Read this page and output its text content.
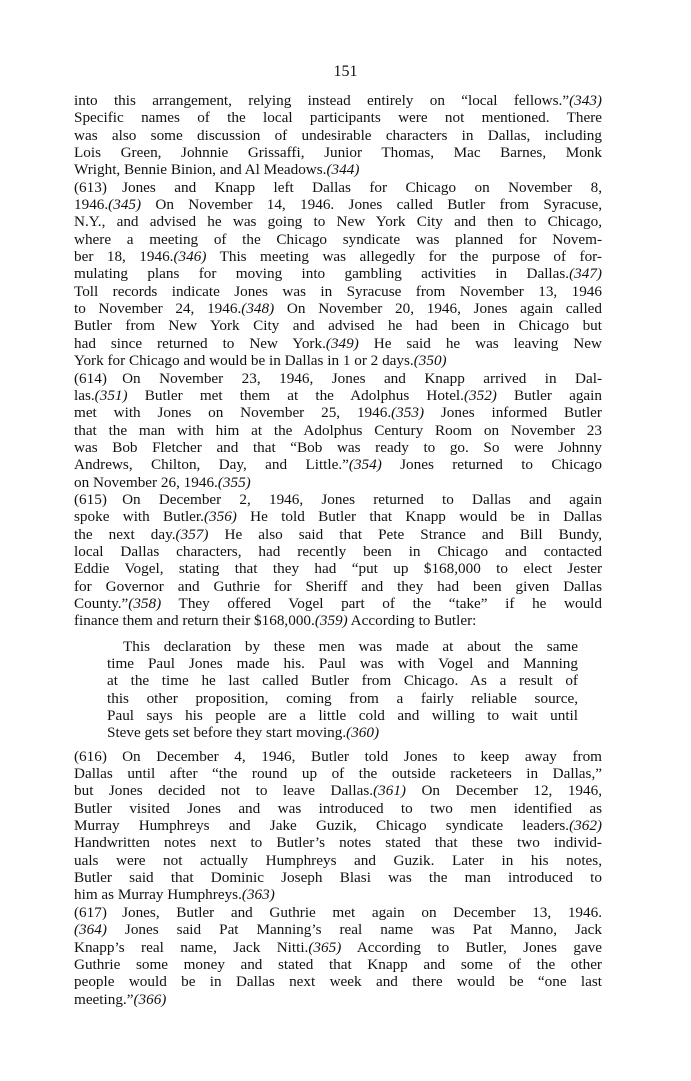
151
into this arrangement, relying instead entirely on “local fellows.”(343)
Specific names of the local participants were not mentioned. There
was also some discussion of undesirable characters in Dallas, including
Lois Green, Johnnie Grissaffi, Junior Thomas, Mac Barnes, Monk
Wright, Bennie Binion, and Al Meadows.(344)
(613) Jones and Knapp left Dallas for Chicago on November 8,
1946.(345) On November 14, 1946. Jones called Butler from Syracuse,
N.Y., and advised he was going to New York City and then to Chicago,
where a meeting of the Chicago syndicate was planned for Novem-
ber 18, 1946.(346) This meeting was allegedly for the purpose of for-
mulating plans for moving into gambling activities in Dallas.(347)
Toll records indicate Jones was in Syracuse from November 13, 1946
to November 24, 1946.(348) On November 20, 1946, Jones again called
Butler from New York City and advised he had been in Chicago but
had since returned to New York.(349) He said he was leaving New
York for Chicago and would be in Dallas in 1 or 2 days.(350)
(614) On November 23, 1946, Jones and Knapp arrived in Dal-
las.(351) Butler met them at the Adolphus Hotel.(352) Butler again
met with Jones on November 25, 1946.(353) Jones informed Butler
that the man with him at the Adolphus Century Room on November 23
was Bob Fletcher and that “Bob was ready to go. So were Johnny
Andrews, Chilton, Day, and Little.”(354) Jones returned to Chicago
on November 26, 1946.(355)
(615) On December 2, 1946, Jones returned to Dallas and again
spoke with Butler.(356) He told Butler that Knapp would be in Dallas
the next day.(357) He also said that Pete Strance and Bill Bundy,
local Dallas characters, had recently been in Chicago and contacted
Eddie Vogel, stating that they had “put up $168,000 to elect Jester
for Governor and Guthrie for Sheriff and they had been given Dallas
County.”(358) They offered Vogel part of the “take” if he would
finance them and return their $168,000.(359) According to Butler:
This declaration by these men was made at about the same
time Paul Jones made his. Paul was with Vogel and Manning
at the time he last called Butler from Chicago. As a result of
this other proposition, coming from a fairly reliable source,
Paul says his people are a little cold and willing to wait until
Steve gets set before they start moving.(360)
(616) On December 4, 1946, Butler told Jones to keep away from
Dallas until after “the round up of the outside racketeers in Dallas,”
but Jones decided not to leave Dallas.(361) On December 12, 1946,
Butler visited Jones and was introduced to two men identified as
Murray Humphreys and Jake Guzik, Chicago syndicate leaders.(362)
Handwritten notes next to Butler’s notes stated that these two individ-
uals were not actually Humphreys and Guzik. Later in his notes,
Butler said that Dominic Joseph Blasi was the man introduced to
him as Murray Humphreys.(363)
(617) Jones, Butler and Guthrie met again on December 13, 1946.
(364) Jones said Pat Manning’s real name was Pat Manno, Jack
Knapp’s real name, Jack Nitti.(365) According to Butler, Jones gave
Guthrie some money and stated that Knapp and some of the other
people would be in Dallas next week and there would be “one last
meeting.”(366)
